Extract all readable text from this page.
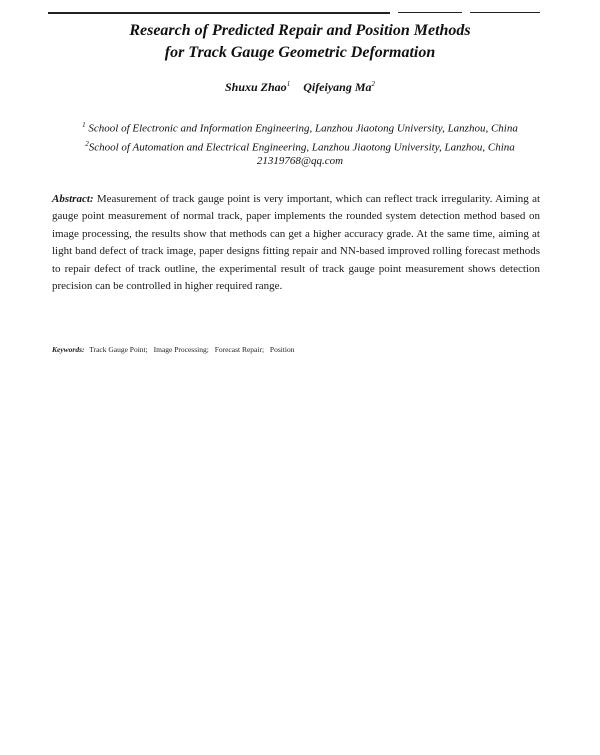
Research of Predicted Repair and Position Methods
for Track Gauge Geometric Deformation
Shuxu Zhao$^1$ Qifeiyang Ma$^2$
$^1$ School of Electronic and Information Engineering, Lanzhou Jiaotong University, Lanzhou, China
$^2$School of Automation and Electrical Engineering, Lanzhou Jiaotong University, Lanzhou, China
21319768@qq.com
Abstract: Measurement of track gauge point is very important, which can reflect track irregularity. Aiming at gauge point measurement of normal track, paper implements the rounded system detection method based on image processing, the results show that methods can get a higher accuracy grade. At the same time, aiming at light band defect of track image, paper designs fitting repair and NN-based improved rolling forecast methods to repair defect of track outline, the experimental result of track gauge point measurement shows detection precision can be controlled in higher required range.
Keywords: Track Gauge Point; Image Processing; Forecast Repair; Position
